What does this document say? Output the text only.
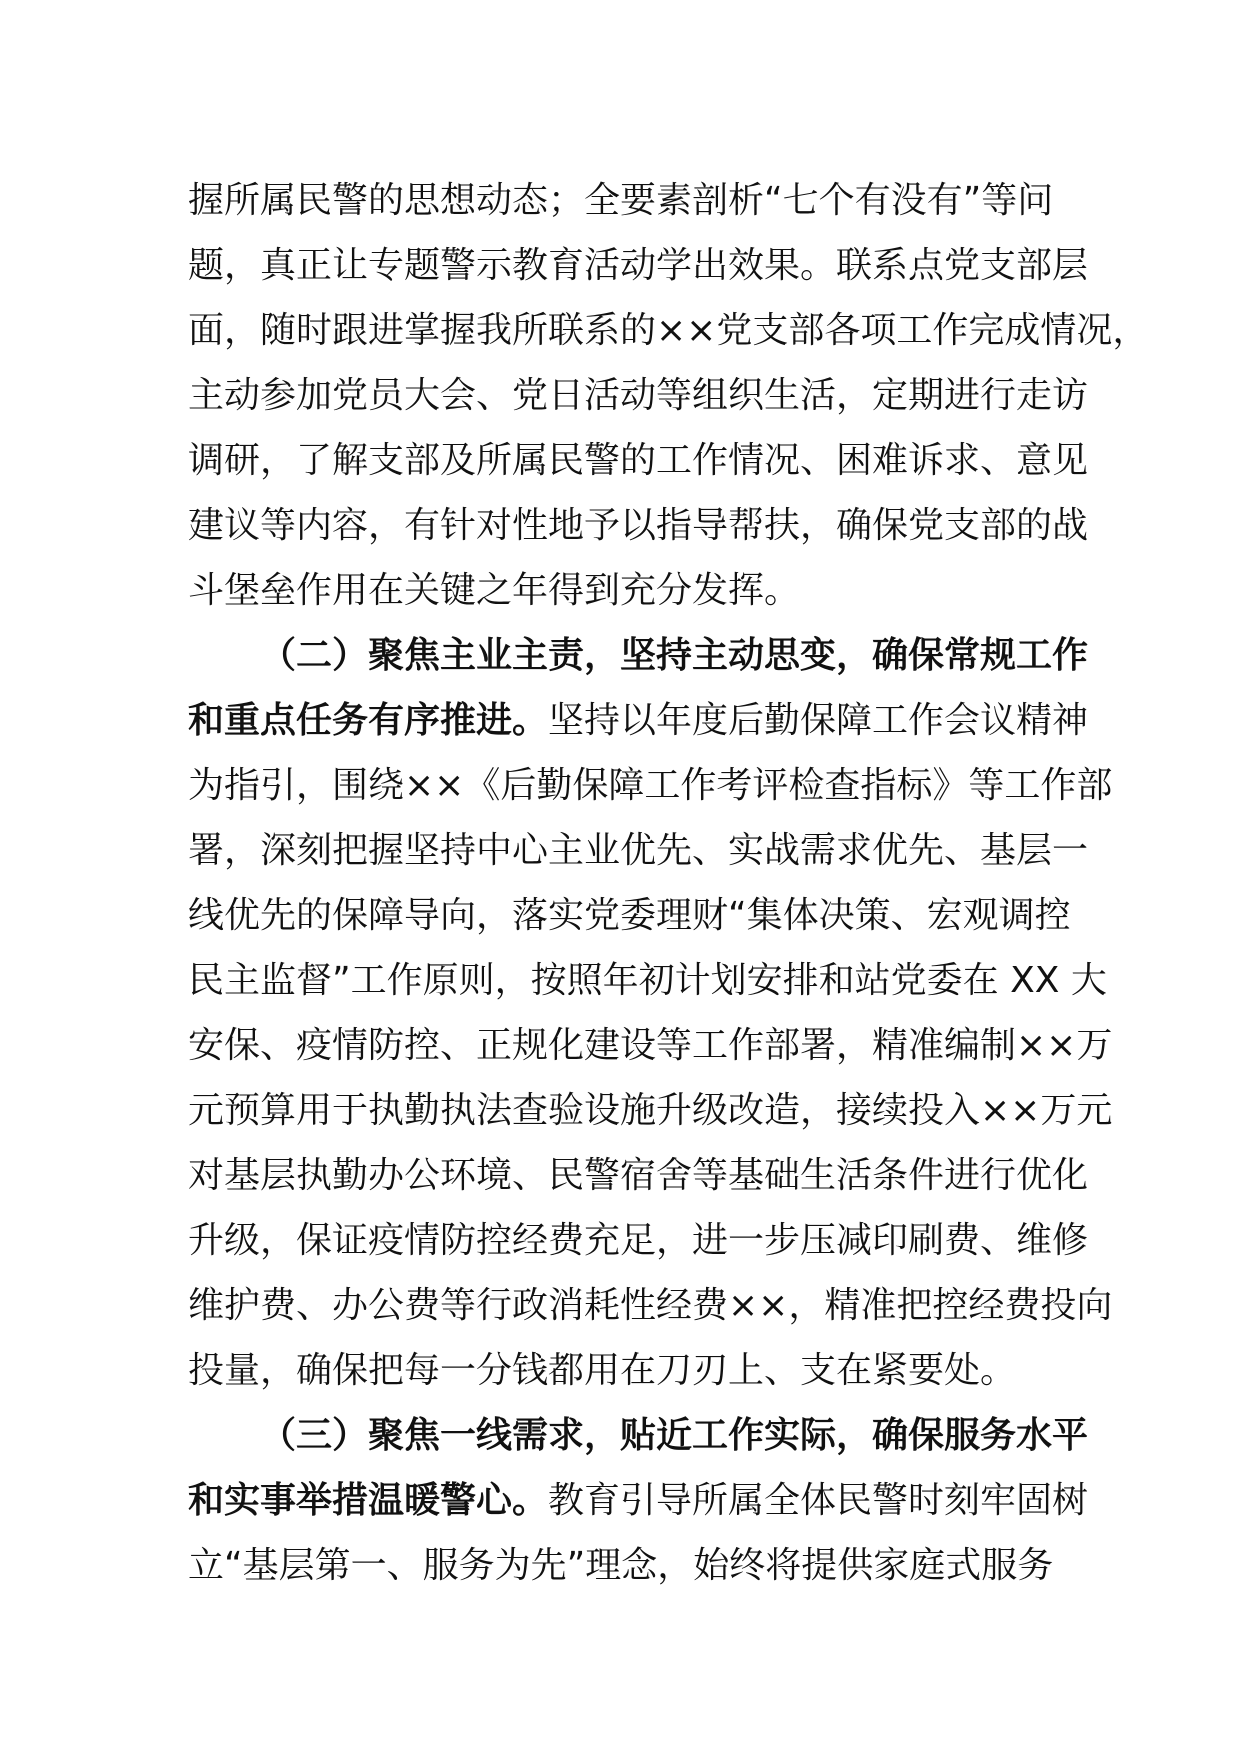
握所属民警的思想动态；全要素剖析“七个有没有”等问
题，真正让专题警示教育活动学出效果。联系点党支部层
面，随时跟进掌握我所联系的××党支部各项工作完成情况，
主动参加党员大会、党日活动等组织生活，定期进行走访
调研，了解支部及所属民警的工作情况、困难诉求、意见
建议等内容，有针对性地予以指导帮扶，确保党支部的战
斗堡垒作用在关键之年得到充分发挥。
（二）聚焦主业主责，坚持主动思变，确保常规工作
和重点任务有序推进。坚持以年度后勤保障工作会议精神
为指引，围绕××《后勤保障工作考评检查指标》等工作部
署，深刻把握坚持中心主业优先、实战需求优先、基层一
线优先的保障导向，落实党委理财“集体决策、宏观调控
民主监督”工作原则，按照年初计划安排和站党委在 XX 大
安保、疫情防控、正规化建设等工作部署，精准编制××万
元预算用于执勤执法查验设施升级改造，接续投入××万元
对基层执勤办公环境、民警宿舍等基础生活条件进行优化
升级，保证疫情防控经费充足，进一步压减印刷费、维修
维护费、办公费等行政消耗性经费××，精准把控经费投向
投量，确保把每一分钱都用在刀刃上、支在紧要处。
（三）聚焦一线需求，贴近工作实际，确保服务水平
和实事举措温暖警心。教育引导所属全体民警时刻牢固树
立“基层第一、服务为先”理念，始终将提供家庭式服务
